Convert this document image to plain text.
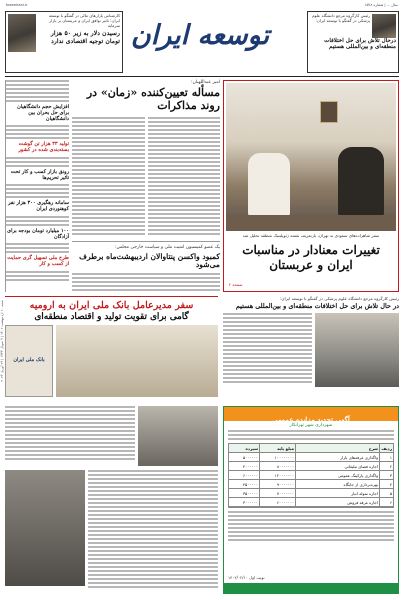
سال ... | شماره ۱۵۲۸
toseeirani.ir
رئیس کارگروه مرجع دانشگاه علوم پزشکی در گفتگو با توسعه ایران:
درحال تلاش برای حل اختلافات منطقه‌ای و بین‌المللی هستیم
توسعه ایران
کارشناس بازارهای مالی در گفتگو با توسعه ایران: تاثیر توافق ایران و عربستان بر بازار سرمایه
رسیدن دلار به زیر ۵۰ هزار تومان توجیه اقتصادی ندارد
افزایش حجم دانشگاهیان برای حل بحران بین دانشگاهیان
تولید ۳۳ هزار تن گوشت بسته‌بندی شده در کشور
رونق بازار کسب و کار تحت تاثیر تحریم‌ها
سامانه رهگیری ۳۰۰ هزار نفر کوهنوردی ایران
۱۰۰ میلیارد تومان بودجه برای آزادگان
طرح ملی تسهیل گری حمایت از کسب و کار
امیر عبداللهیان:
مسأله تعیین‌کننده «زمان» در روند مذاکرات
یک عضو کمیسیون امنیت ملی و سیاست خارجی مجلس:
کمبود واکسن پنتاوالان اردیبهشت‌ماه برطرف می‌شود
سفر شاهزاده‌های سعودی به تهران، بازتعریف نقشه ژئوپلیتیک منطقه تحلیل شد
تغییرات معنادار در مناسبات ایران و عربستان
صفحه ۲
رئیس کارگروه مرجع دانشگاه علوم پزشکی در گفتگو با توسعه ایران:
در حال تلاش برای حل اختلافات منطقه‌ای و بین‌المللی هستیم
سفر مدیرعامل بانک ملی ایران به ارومیه
گامی برای تقویت تولید و اقتصاد منطقه‌ای
بانک ملی ایران
آگهی تجدید مزایده عمومی
شهرداری شهر تهرانکار
ردیف
شرح
مبلغ پایه
سپرده
۱
واگذاری غرفه‌های بازار
۱۰۰۰۰۰۰۰۰
۵۰۰۰۰۰۰
۲
اجاره فضای تبلیغاتی
۸۰۰۰۰۰۰۰
۴۰۰۰۰۰۰
۳
واگذاری پارکینگ عمومی
۱۲۰۰۰۰۰۰۰
۶۰۰۰۰۰۰
۴
بهره‌برداری از جایگاه
۹۰۰۰۰۰۰۰
۴۵۰۰۰۰۰
۵
اجاره سوله انبار
۷۰۰۰۰۰۰۰
۳۵۰۰۰۰۰
۶
اجاره غرفه فروش
۶۰۰۰۰۰۰۰
۳۰۰۰۰۰۰
نوبت اول ۱۴۰۲/۰۲/۱۰
شهردار تهرانکار
شنبه ۱۰ اردیبهشت ۱۴۰۲ | ۹ شوال ۱۴۴۴ | ۲۹ آوریل ۲۰۲۳
